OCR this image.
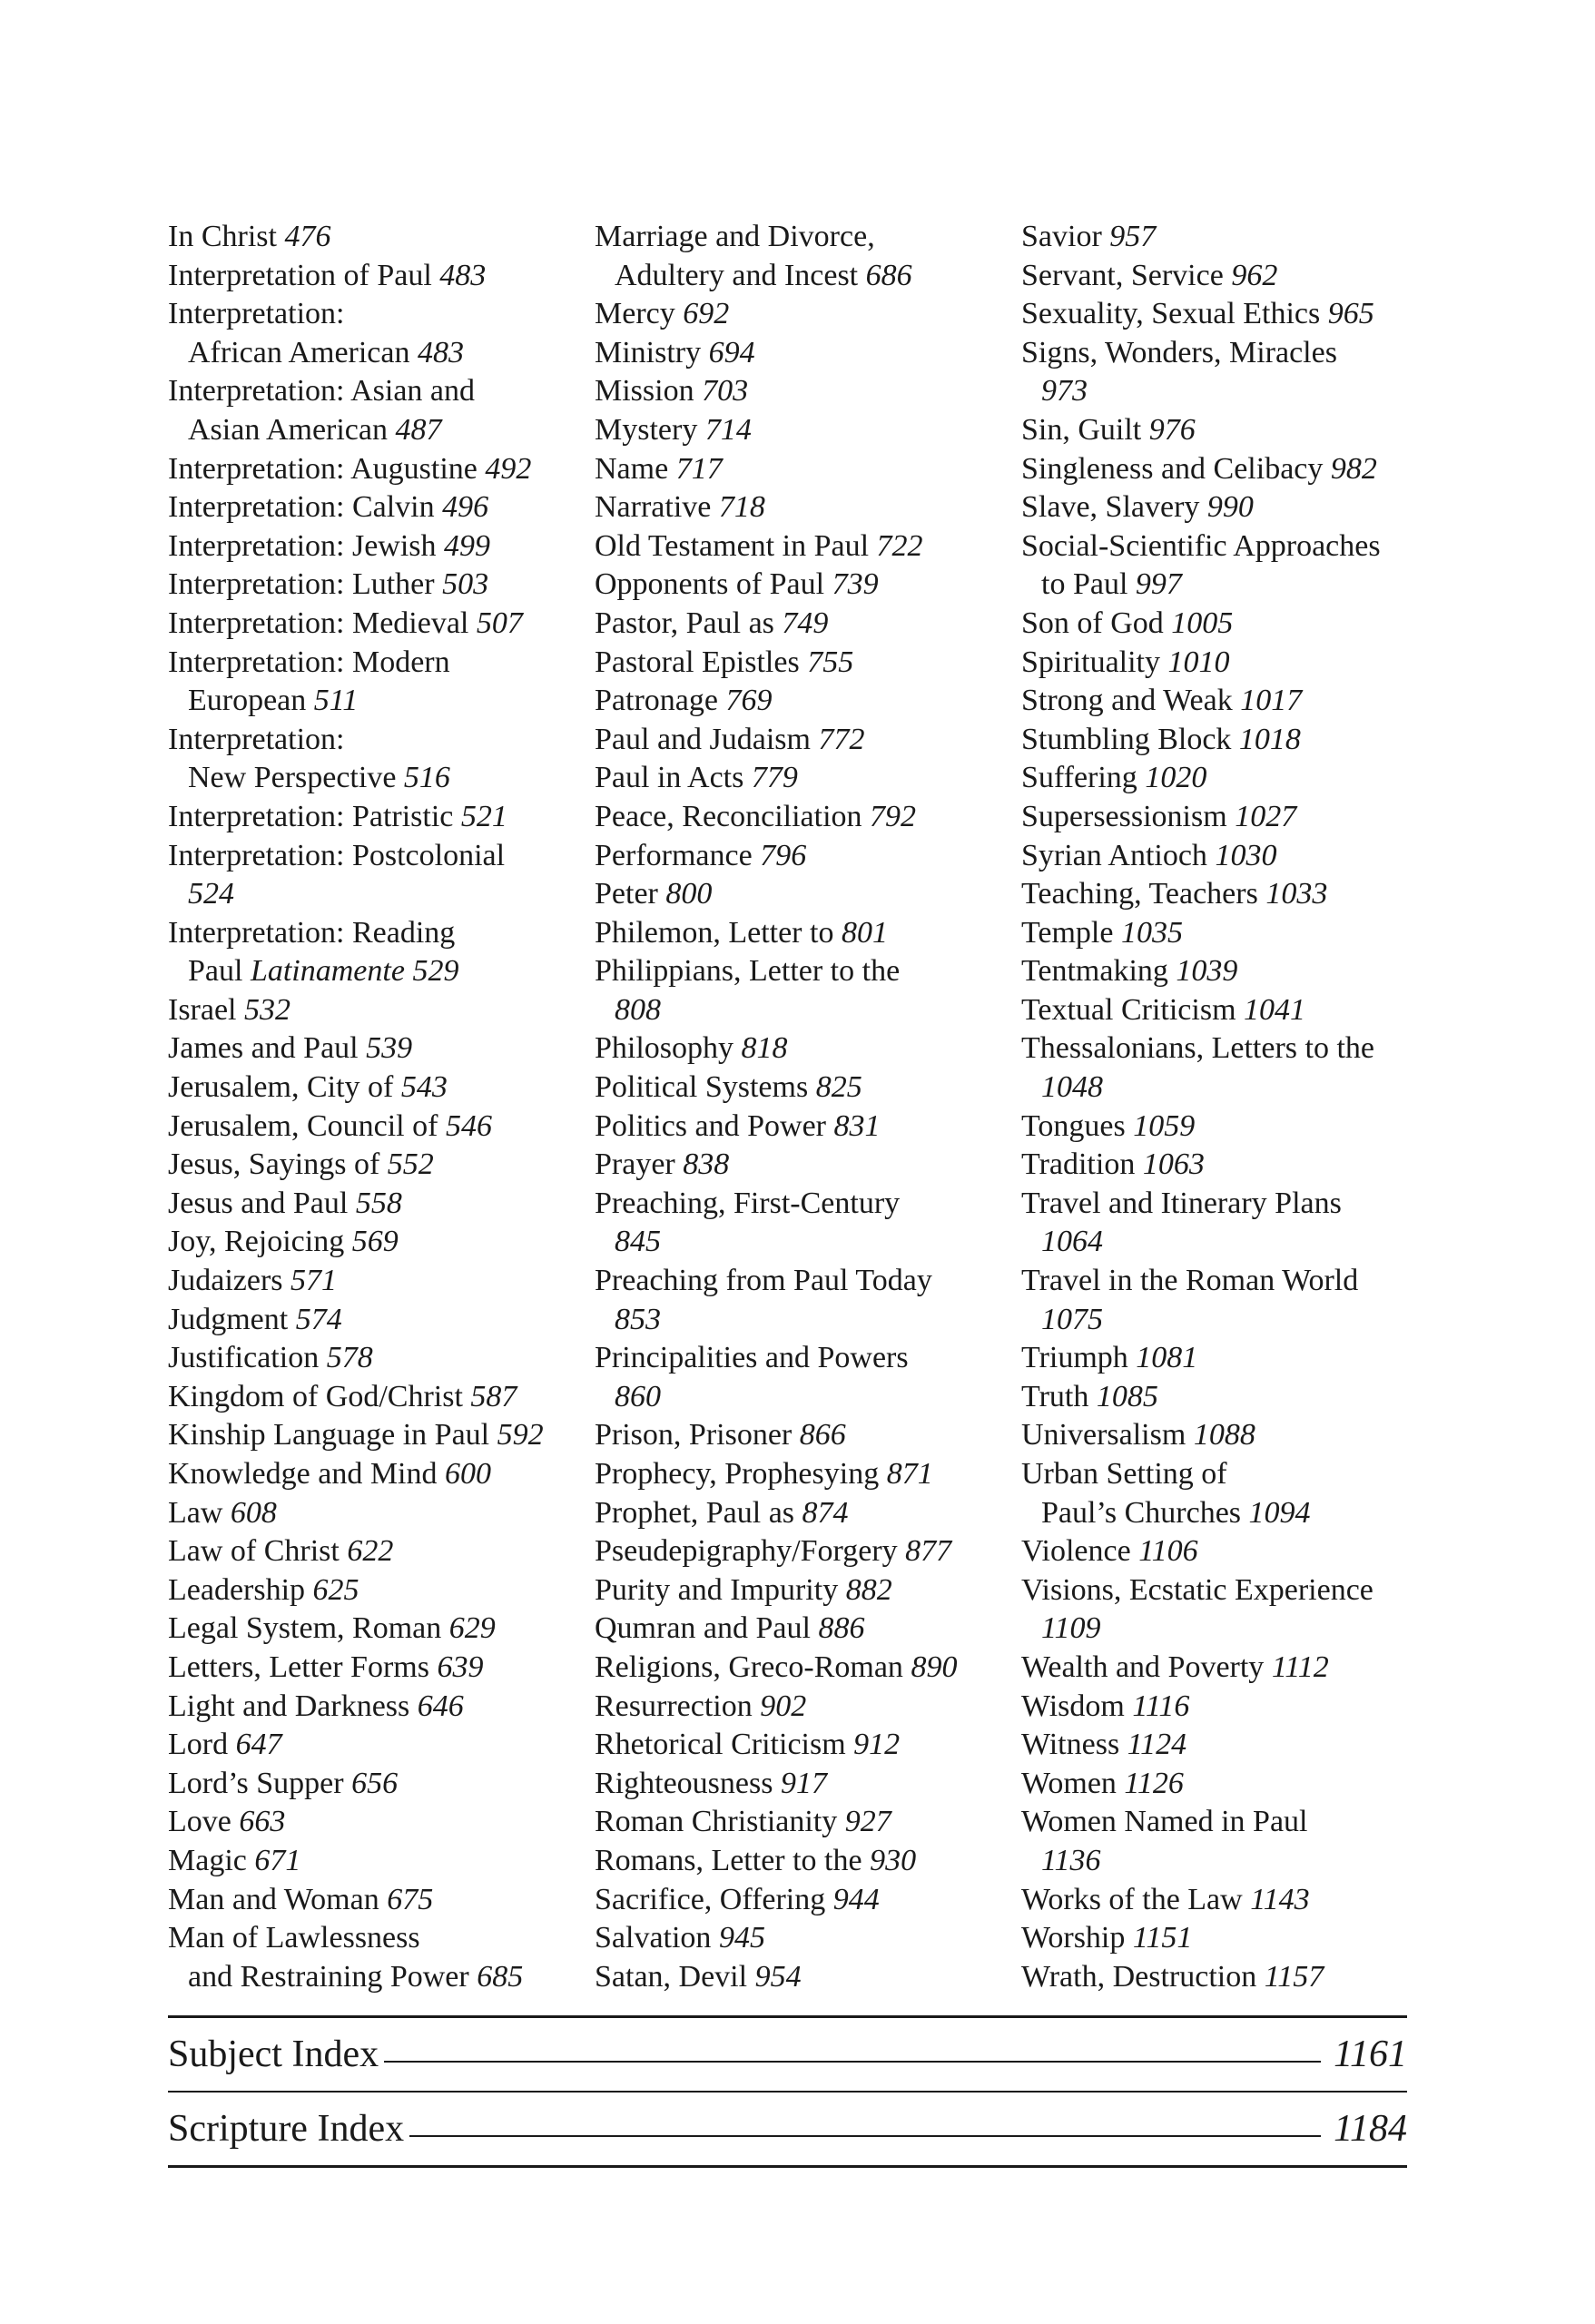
In Christ 476
Interpretation of Paul 483
Interpretation:
African American 483
Interpretation: Asian and
Asian American 487
Interpretation: Augustine 492
Interpretation: Calvin 496
Interpretation: Jewish 499
Interpretation: Luther 503
Interpretation: Medieval 507
Interpretation: Modern
European 511
Interpretation:
New Perspective 516
Interpretation: Patristic 521
Interpretation: Postcolonial
524
Interpretation: Reading
Paul Latinamente 529
Israel 532
James and Paul 539
Jerusalem, City of 543
Jerusalem, Council of 546
Jesus, Sayings of 552
Jesus and Paul 558
Joy, Rejoicing 569
Judaizers 571
Judgment 574
Justification 578
Kingdom of God/Christ 587
Kinship Language in Paul 592
Knowledge and Mind 600
Law 608
Law of Christ 622
Leadership 625
Legal System, Roman 629
Letters, Letter Forms 639
Light and Darkness 646
Lord 647
Lord’s Supper 656
Love 663
Magic 671
Man and Woman 675
Man of Lawlessness
and Restraining Power 685
Marriage and Divorce,
Adultery and Incest 686
Mercy 692
Ministry 694
Mission 703
Mystery 714
Name 717
Narrative 718
Old Testament in Paul 722
Opponents of Paul 739
Pastor, Paul as 749
Pastoral Epistles 755
Patronage 769
Paul and Judaism 772
Paul in Acts 779
Peace, Reconciliation 792
Performance 796
Peter 800
Philemon, Letter to 801
Philippians, Letter to the
808
Philosophy 818
Political Systems 825
Politics and Power 831
Prayer 838
Preaching, First-Century
845
Preaching from Paul Today
853
Principalities and Powers
860
Prison, Prisoner 866
Prophecy, Prophesying 871
Prophet, Paul as 874
Pseudepigraphy/Forgery 877
Purity and Impurity 882
Qumran and Paul 886
Religions, Greco-Roman 890
Resurrection 902
Rhetorical Criticism 912
Righteousness 917
Roman Christianity 927
Romans, Letter to the 930
Sacrifice, Offering 944
Salvation 945
Satan, Devil 954
Savior 957
Servant, Service 962
Sexuality, Sexual Ethics 965
Signs, Wonders, Miracles
973
Sin, Guilt 976
Singleness and Celibacy 982
Slave, Slavery 990
Social-Scientific Approaches
to Paul 997
Son of God 1005
Spirituality 1010
Strong and Weak 1017
Stumbling Block 1018
Suffering 1020
Supersessionism 1027
Syrian Antioch 1030
Teaching, Teachers 1033
Temple 1035
Tentmaking 1039
Textual Criticism 1041
Thessalonians, Letters to the
1048
Tongues 1059
Tradition 1063
Travel and Itinerary Plans
1064
Travel in the Roman World
1075
Triumph 1081
Truth 1085
Universalism 1088
Urban Setting of
Paul’s Churches 1094
Violence 1106
Visions, Ecstatic Experience
1109
Wealth and Poverty 1112
Wisdom 1116
Witness 1124
Women 1126
Women Named in Paul
1136
Works of the Law 1143
Worship 1151
Wrath, Destruction 1157
Subject Index	1161
Scripture Index	1184
